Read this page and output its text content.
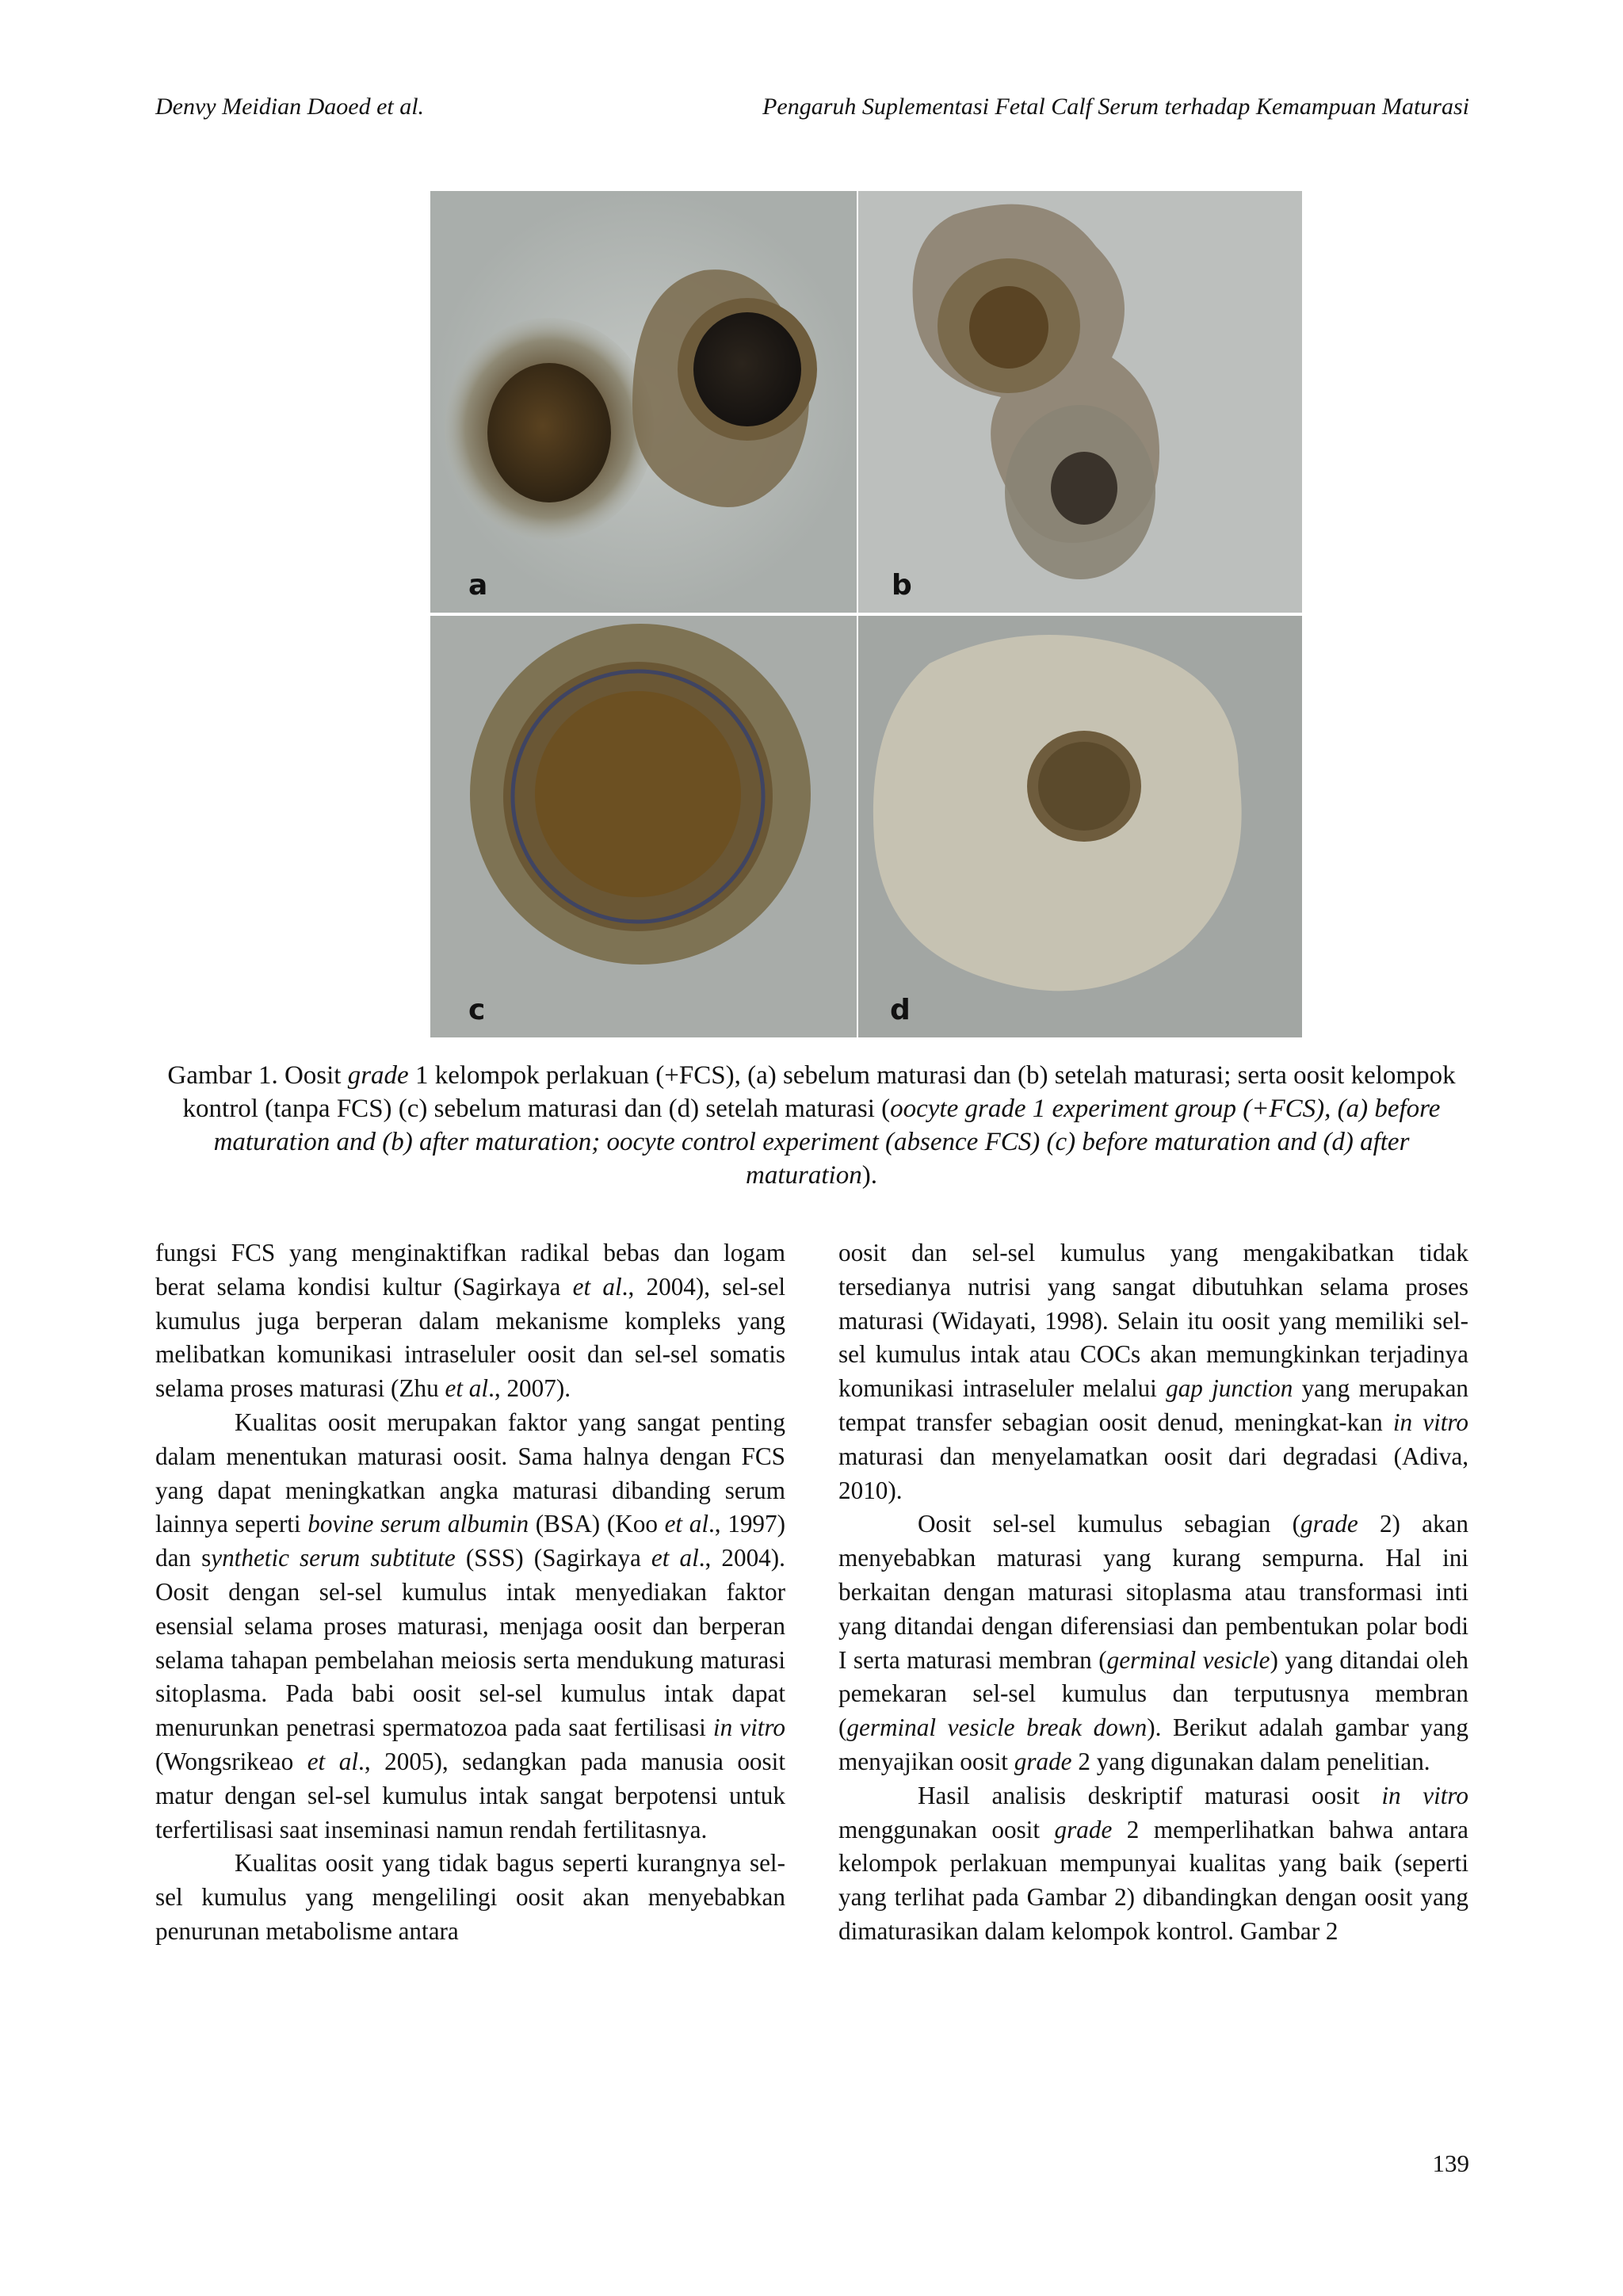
Denvy Meidian Daoed et al.	Pengaruh Suplementasi Fetal Calf Serum terhadap Kemampuan Maturasi
a	b
c	d
Gambar 1. Oosit grade 1 kelompok perlakuan (+FCS), (a) sebelum maturasi dan (b) setelah maturasi; serta oosit kelompok kontrol (tanpa FCS) (c) sebelum maturasi dan (d) setelah maturasi (oocyte grade 1 experiment group (+FCS), (a) before maturation and (b) after maturation; oocyte control experiment (absence FCS) (c) before maturation and (d) after maturation).

fungsi FCS yang menginaktifkan radikal bebas dan logam berat selama kondisi kultur (Sagirkaya et al., 2004), sel-sel kumulus juga berperan dalam mekanisme kompleks yang melibatkan komunikasi intraseluler oosit dan sel-sel somatis selama proses maturasi (Zhu et al., 2007).

Kualitas oosit merupakan faktor yang sangat penting dalam menentukan maturasi oosit. Sama halnya dengan FCS yang dapat meningkatkan angka maturasi dibanding serum lainnya seperti bovine serum albumin (BSA) (Koo et al., 1997) dan synthetic serum subtitute (SSS) (Sagirkaya et al., 2004). Oosit dengan sel-sel kumulus intak menyediakan faktor esensial selama proses maturasi, menjaga oosit dan berperan selama tahapan pembelahan meiosis serta mendukung maturasi sitoplasma. Pada babi oosit sel-sel kumulus intak dapat menurunkan penetrasi spermatozoa pada saat fertilisasi in vitro (Wongsrikeao et al., 2005), sedangkan pada manusia oosit matur dengan sel-sel kumulus intak sangat berpotensi untuk terfertilisasi saat inseminasi namun rendah fertilitasnya.

Kualitas oosit yang tidak bagus seperti kurangnya sel-sel kumulus yang mengelilingi oosit akan menyebabkan penurunan metabolisme antara

oosit dan sel-sel kumulus yang mengakibatkan tidak tersedianya nutrisi yang sangat dibutuhkan selama proses maturasi (Widayati, 1998). Selain itu oosit yang memiliki sel-sel kumulus intak atau COCs akan memungkinkan terjadinya komunikasi intraseluler melalui gap junction yang merupakan tempat transfer sebagian oosit denud, meningkat-kan in vitro maturasi dan menyelamatkan oosit dari degradasi (Adiva, 2010).

Oosit sel-sel kumulus sebagian (grade 2) akan menyebabkan maturasi yang kurang sempurna. Hal ini berkaitan dengan maturasi sitoplasma atau transformasi inti yang ditandai dengan diferensiasi dan pembentukan polar bodi I serta maturasi membran (germinal vesicle) yang ditandai oleh pemekaran sel-sel kumulus dan terputusnya membran (germinal vesicle break down). Berikut adalah gambar yang menyajikan oosit grade 2 yang digunakan dalam penelitian.

Hasil analisis deskriptif maturasi oosit in vitro menggunakan oosit grade 2 memperlihatkan bahwa antara kelompok perlakuan mempunyai kualitas yang baik (seperti yang terlihat pada Gambar 2) dibandingkan dengan oosit yang dimaturasikan dalam kelompok kontrol. Gambar 2

139
